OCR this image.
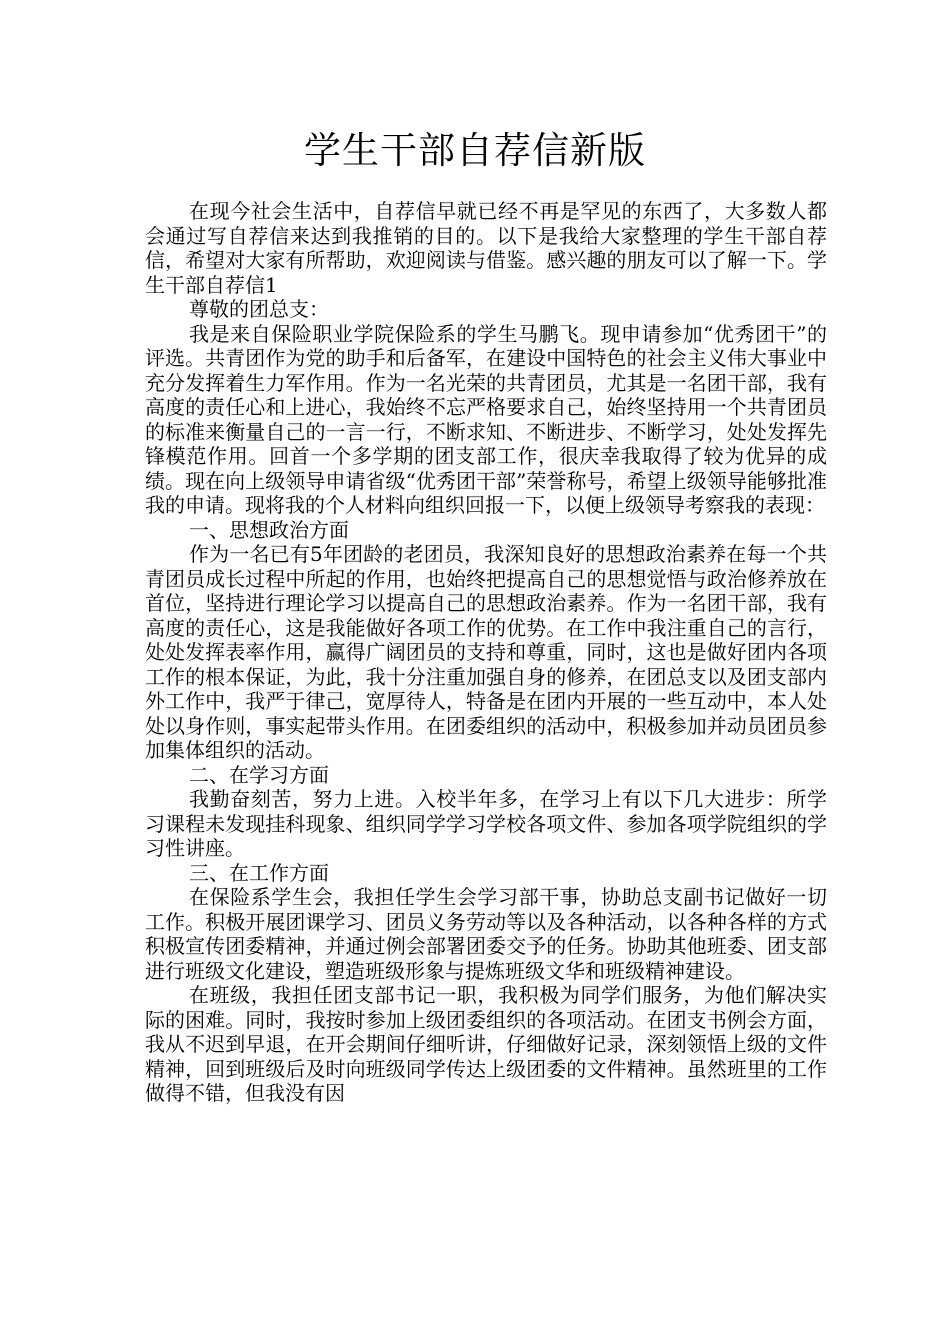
学生干部自荐信新版

在现今社会生活中，自荐信早就已经不再是罕见的东西了，大多数人都会通过写自荐信来达到我推销的目的。以下是我给大家整理的学生干部自荐信，希望对大家有所帮助，欢迎阅读与借鉴。感兴趣的朋友可以了解一下。学生干部自荐信1

尊敬的团总支：

我是来自保险职业学院保险系的学生马鹏飞。现申请参加“优秀团干”的评选。共青团作为党的助手和后备军，在建设中国特色的社会主义伟大事业中充分发挥着生力军作用。作为一名光荣的共青团员，尤其是一名团干部，我有高度的责任心和上进心，我始终不忘严格要求自己，始终坚持用一个共青团员的标准来衡量自己的一言一行，不断求知、不断进步、不断学习，处处发挥先锋模范作用。回首一个多学期的团支部工作，很庆幸我取得了较为优异的成绩。现在向上级领导申请省级“优秀团干部”荣誉称号，希望上级领导能够批准我的申请。现将我的个人材料向组织回报一下，以便上级领导考察我的表现：

一、思想政治方面

作为一名已有5年团龄的老团员，我深知良好的思想政治素养在每一个共青团员成长过程中所起的作用，也始终把提高自己的思想觉悟与政治修养放在首位，坚持进行理论学习以提高自己的思想政治素养。作为一名团干部，我有高度的责任心，这是我能做好各项工作的优势。在工作中我注重自己的言行，处处发挥表率作用，赢得广阔团员的支持和尊重，同时，这也是做好团内各项工作的根本保证，为此，我十分注重加强自身的修养，在团总支以及团支部内外工作中，我严于律己，宽厚待人，特备是在团内开展的一些互动中，本人处处以身作则，事实起带头作用。在团委组织的活动中，积极参加并动员团员参加集体组织的活动。

二、在学习方面

我勤奋刻苦，努力上进。入校半年多，在学习上有以下几大进步：所学习课程未发现挂科现象、组织同学学习学校各项文件、参加各项学院组织的学习性讲座。

三、在工作方面

在保险系学生会，我担任学生会学习部干事，协助总支副书记做好一切工作。积极开展团课学习、团员义务劳动等以及各种活动，以各种各样的方式积极宣传团委精神，并通过例会部署团委交予的任务。协助其他班委、团支部进行班级文化建设，塑造班级形象与提炼班级文华和班级精神建设。

在班级，我担任团支部书记一职，我积极为同学们服务，为他们解决实际的困难。同时，我按时参加上级团委组织的各项活动。在团支书例会方面，我从不迟到早退，在开会期间仔细听讲，仔细做好记录，深刻领悟上级的文件精神，回到班级后及时向班级同学传达上级团委的文件精神。虽然班里的工作做得不错，但我没有因
